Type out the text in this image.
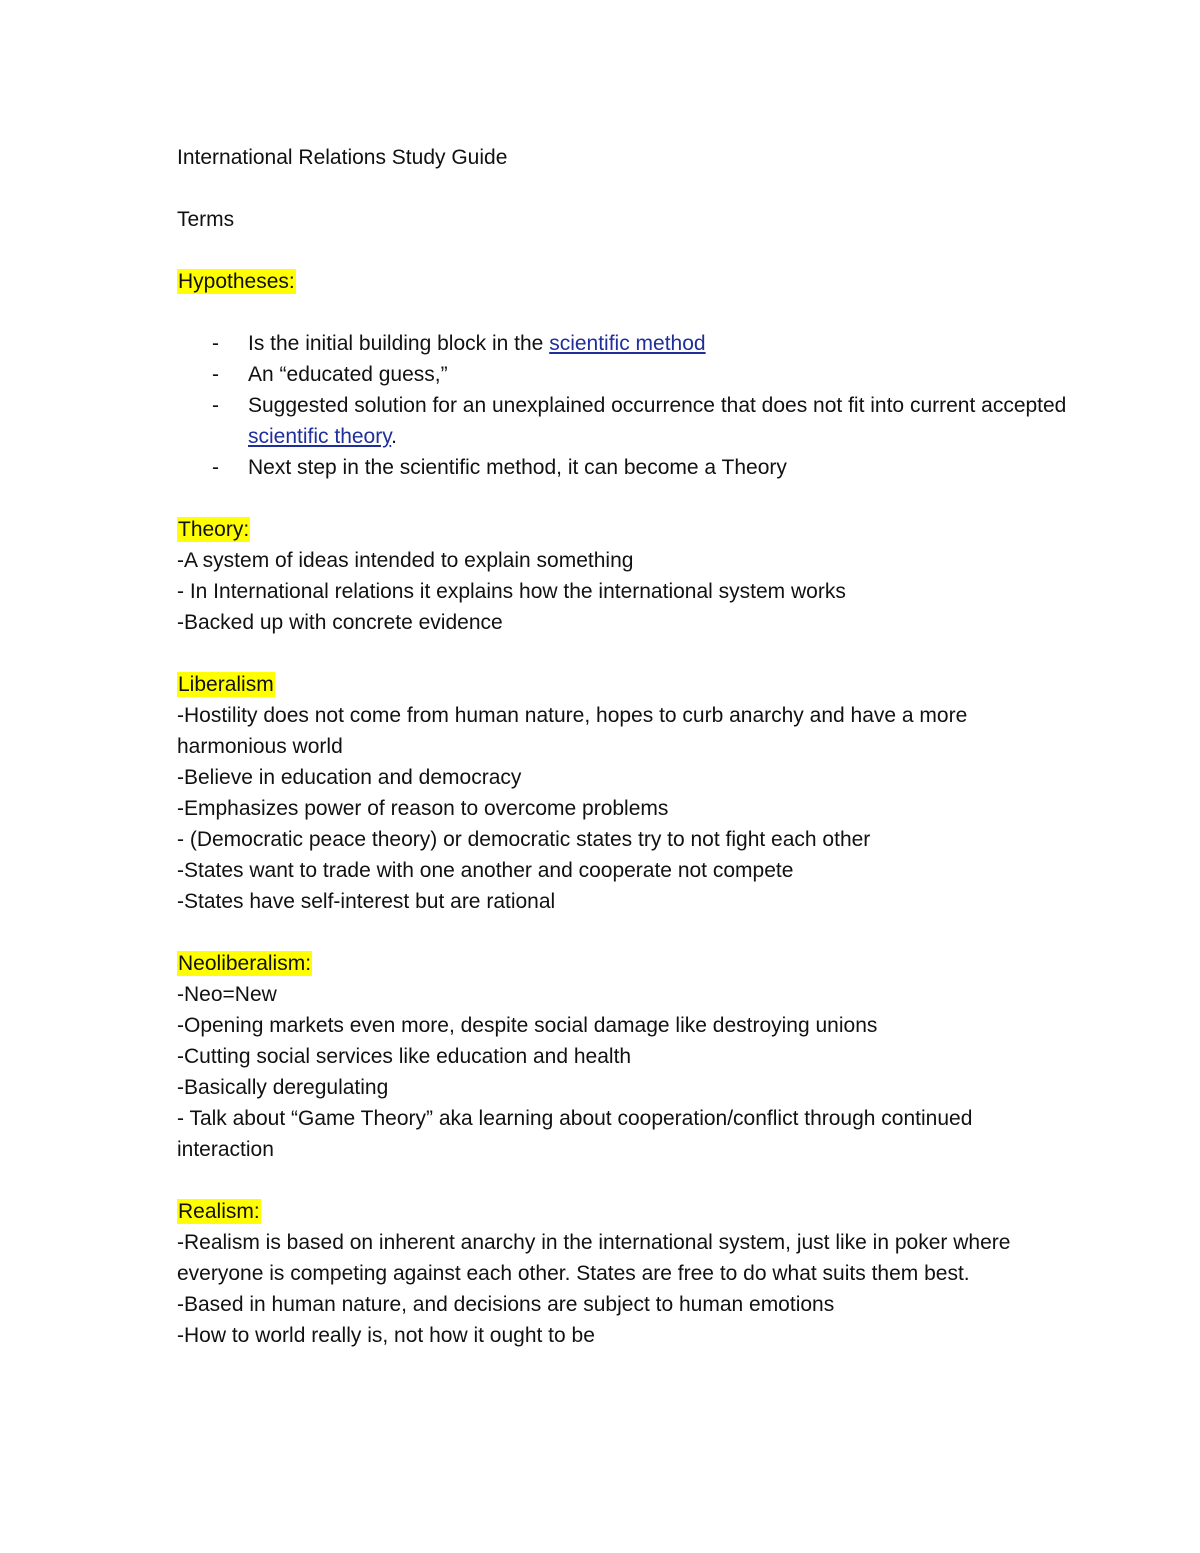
International Relations Study Guide

Terms

Hypotheses:

- Is the initial building block in the scientific method
- An “educated guess,”
- Suggested solution for an unexplained occurrence that does not fit into current accepted scientific theory.
- Next step in the scientific method, it can become a Theory

Theory:

-A system of ideas intended to explain something

- In International relations it explains how the international system works

-Backed up with concrete evidence

Liberalism

-Hostility does not come from human nature, hopes to curb anarchy and have a more harmonious world

-Believe in education and democracy

-Emphasizes power of reason to overcome problems

- (Democratic peace theory) or democratic states try to not fight each other

-States want to trade with one another and cooperate not compete

-States have self-interest but are rational

Neoliberalism:

-Neo=New

-Opening markets even more, despite social damage like destroying unions

-Cutting social services like education and health

-Basically deregulating

- Talk about “Game Theory” aka learning about cooperation/conflict through continued interaction

Realism:

-Realism is based on inherent anarchy in the international system, just like in poker where everyone is competing against each other. States are free to do what suits them best.

-Based in human nature, and decisions are subject to human emotions

-How to world really is, not how it ought to be
